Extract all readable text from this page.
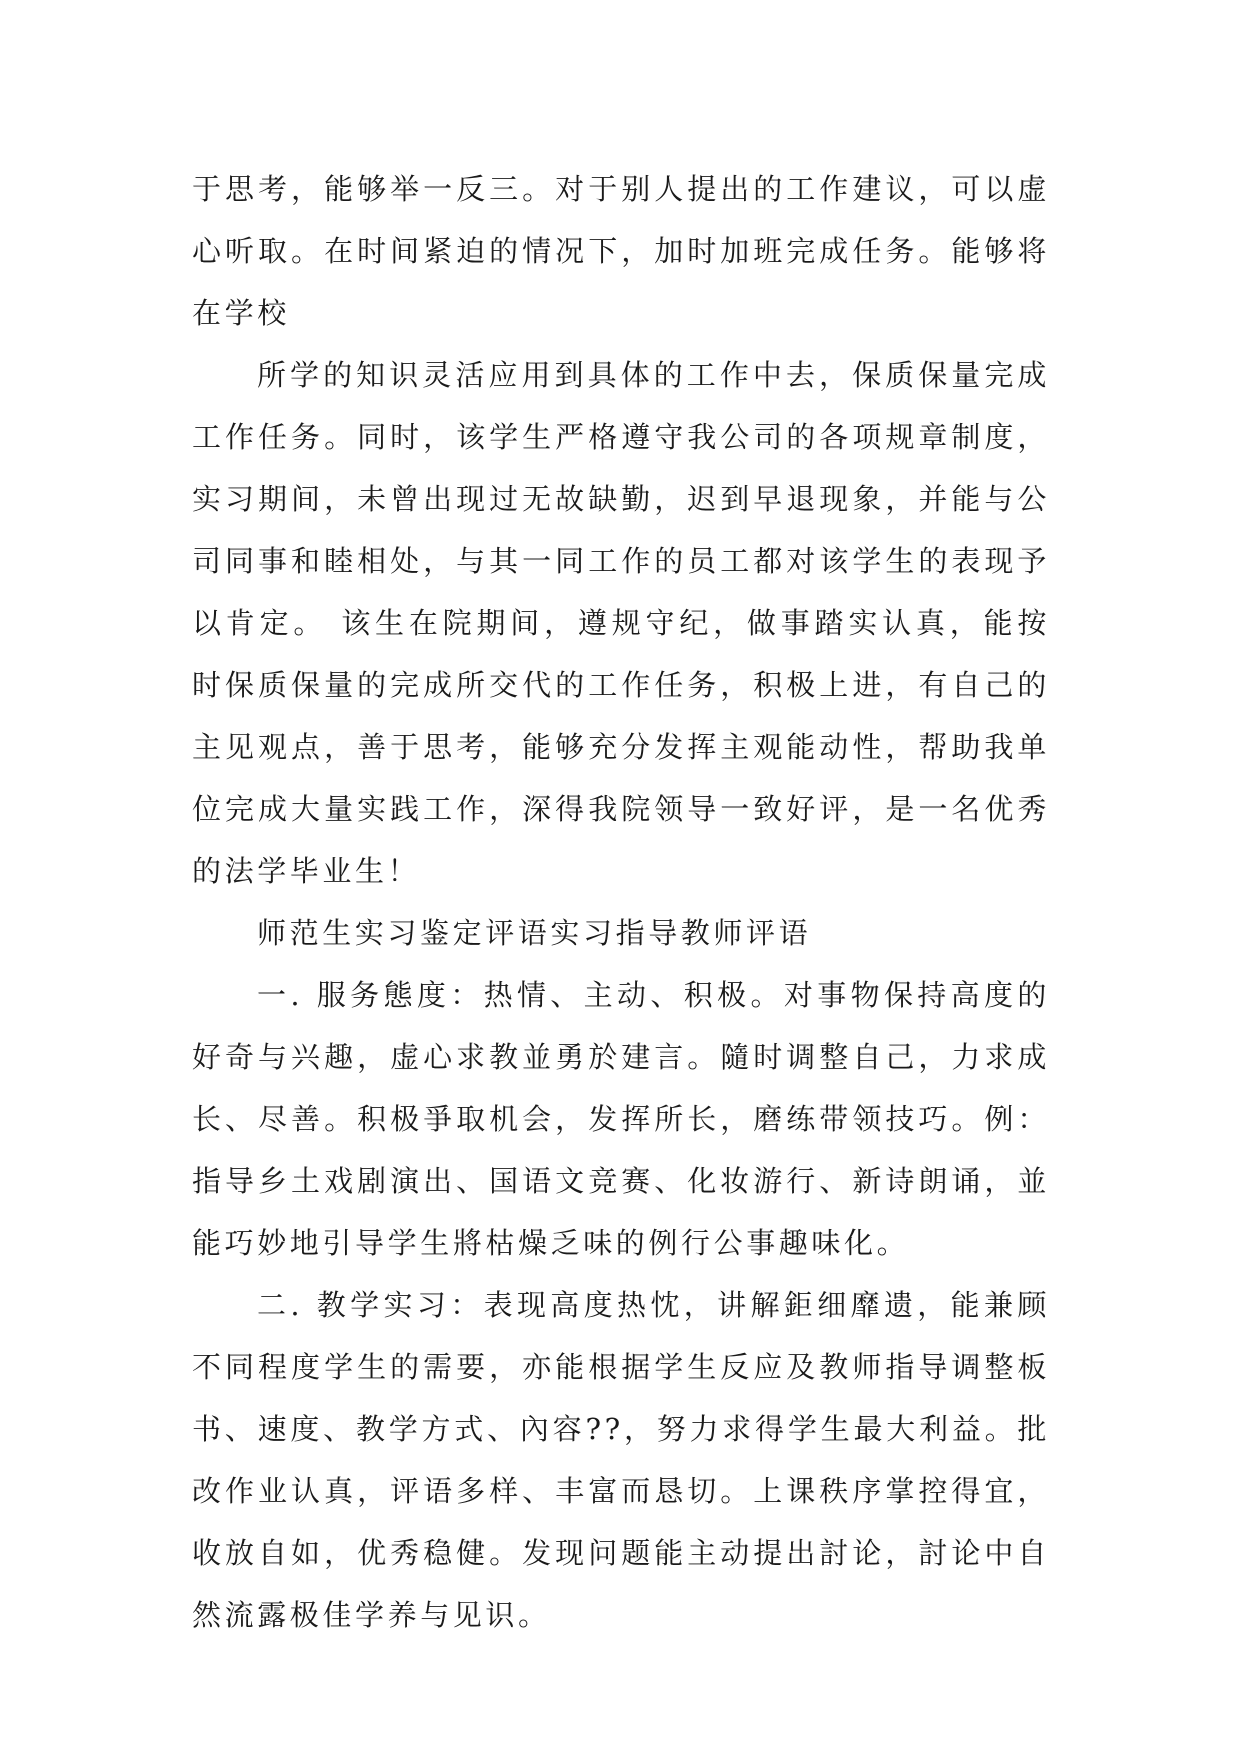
于思考，能够举一反三。对于别人提出的工作建议，可以虚心听取。在时间紧迫的情况下，加时加班完成任务。能够将在学校

所学的知识灵活应用到具体的工作中去，保质保量完成工作任务。同时，该学生严格遵守我公司的各项规章制度，实习期间，未曾出现过无故缺勤，迟到早退现象，并能与公司同事和睦相处，与其一同工作的员工都对该学生的表现予以肯定。 该生在院期间，遵规守纪，做事踏实认真，能按时保质保量的完成所交代的工作任务，积极上进，有自己的主见观点，善于思考，能够充分发挥主观能动性，帮助我单位完成大量实践工作，深得我院领导一致好评，是一名优秀的法学毕业生！

师范生实习鉴定评语实习指导教师评语

一. 服务態度：热情、主动、积极。对事物保持高度的好奇与兴趣，虚心求教並勇於建言。隨时调整自己，力求成长、尽善。积极爭取机会，发挥所长，磨练带领技巧。例：指导乡土戏剧演出、国语文竞赛、化妆游行、新诗朗诵，並能巧妙地引导学生將枯燥乏味的例行公事趣味化。

二. 教学实习：表现高度热忱，讲解鉅细靡遗，能兼顾不同程度学生的需要，亦能根据学生反应及教师指导调整板书、速度、教学方式、內容??，努力求得学生最大利益。批改作业认真，评语多样、丰富而恳切。上课秩序掌控得宜，收放自如，优秀稳健。发现问题能主动提出討论，討论中自然流露极佳学养与见识。
